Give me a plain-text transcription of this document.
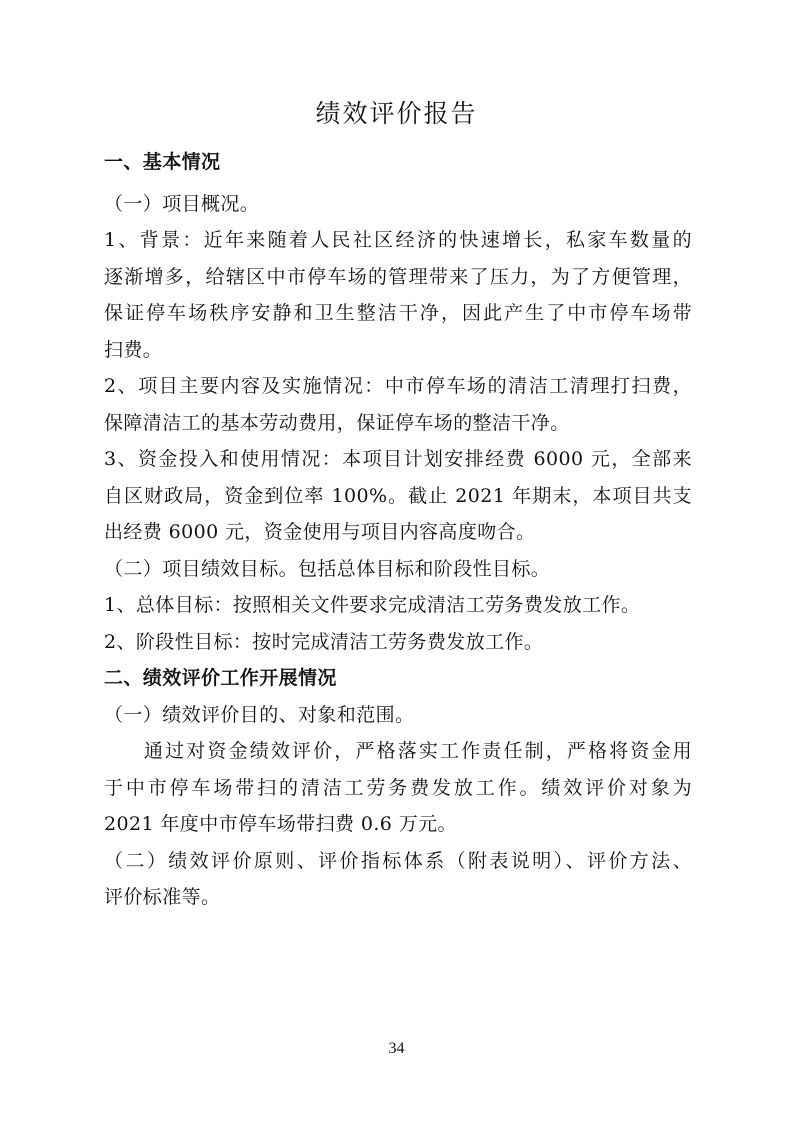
绩效评价报告

一、基本情况

（一）项目概况。

1、背景：近年来随着人民社区经济的快速增长，私家车数量的

逐渐增多，给辖区中市停车场的管理带来了压力，为了方便管理，

保证停车场秩序安静和卫生整洁干净，因此产生了中市停车场带

扫费。

2、项目主要内容及实施情况：中市停车场的清洁工清理打扫费，

保障清洁工的基本劳动费用，保证停车场的整洁干净。

3、资金投入和使用情况：本项目计划安排经费 6000 元，全部来

自区财政局，资金到位率 100%。截止 2021 年期末，本项目共支

出经费 6000 元，资金使用与项目内容高度吻合。

（二）项目绩效目标。包括总体目标和阶段性目标。

1、总体目标：按照相关文件要求完成清洁工劳务费发放工作。

2、阶段性目标：按时完成清洁工劳务费发放工作。

二、绩效评价工作开展情况

（一）绩效评价目的、对象和范围。

通过对资金绩效评价，严格落实工作责任制，严格将资金用

于中市停车场带扫的清洁工劳务费发放工作。绩效评价对象为

2021 年度中市停车场带扫费 0.6 万元。

（二）绩效评价原则、评价指标体系（附表说明）、评价方法、

评价标准等。

34
